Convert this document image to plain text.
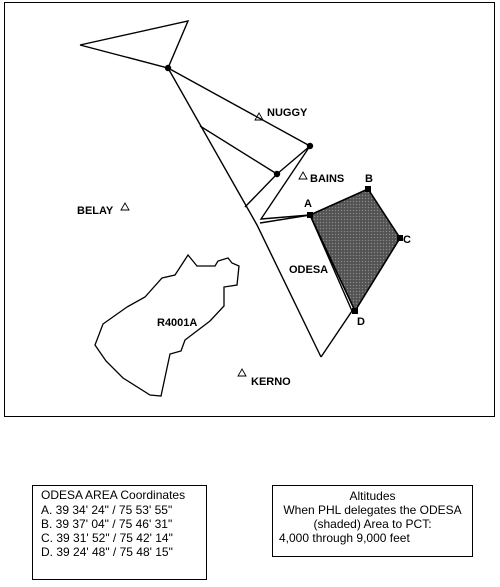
A
B
C
D
NUGGY
BAINS
BELAY
KERNO
ODESA
R4001A
ODESA AREA Coordinates
A. 39 34' 24" / 75 53' 55"
B. 39 37' 04" / 75 46' 31"
C. 39 31' 52" / 75 42' 14"
D. 39 24' 48" / 75 48' 15"
Altitudes
When PHL delegates the ODESA
(shaded) Area to PCT:
4,000 through 9,000 feet
